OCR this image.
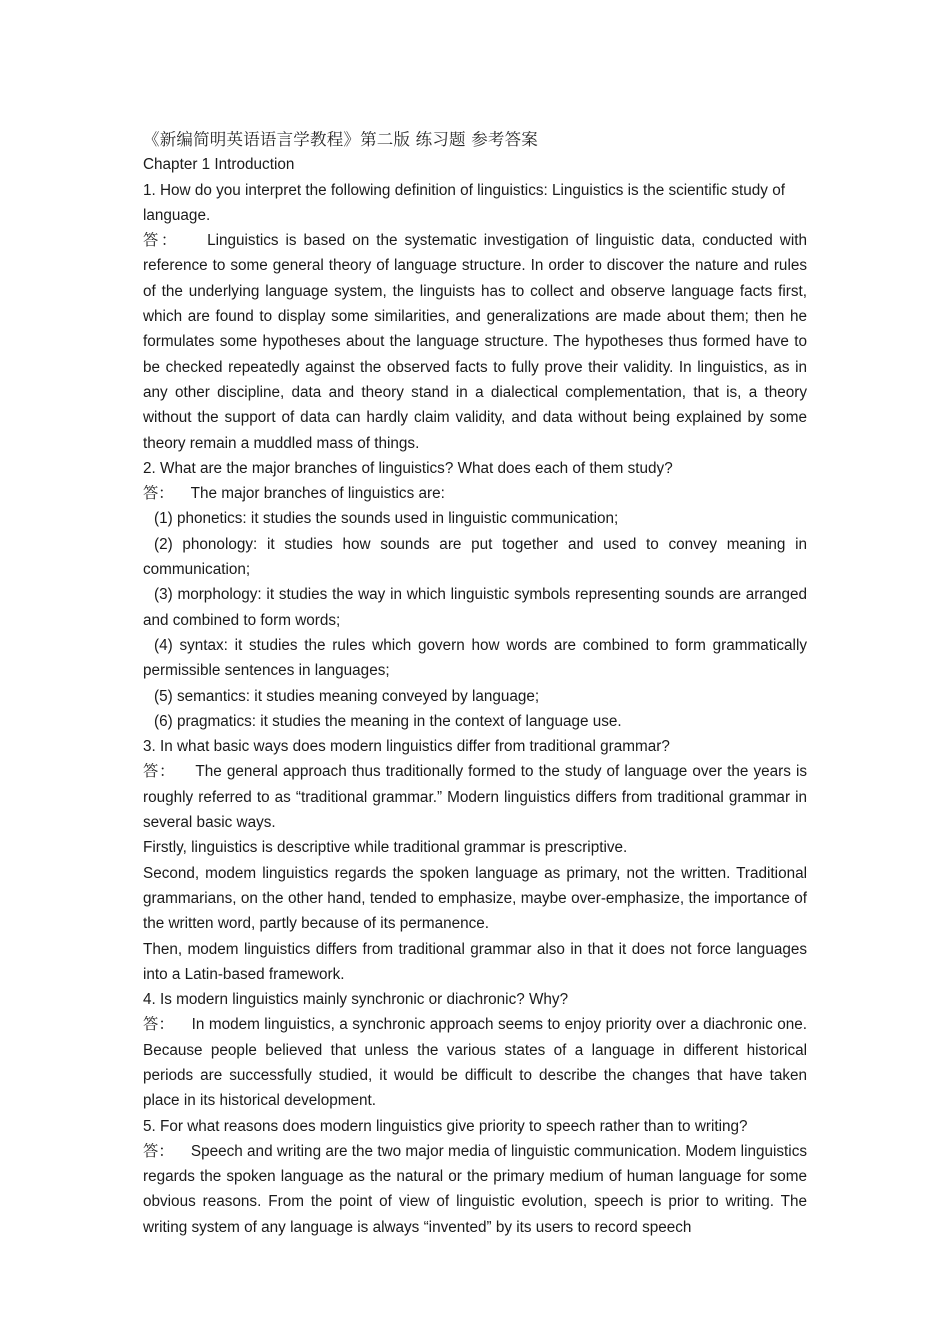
《新编简明英语语言学教程》第二版 练习题 参考答案
Chapter 1 Introduction
1. How do you interpret the following definition of linguistics: Linguistics is the scientific study of language.
答： Linguistics is based on the systematic investigation of linguistic data, conducted with reference to some general theory of language structure. In order to discover the nature and rules of the underlying language system, the linguists has to collect and observe language facts first, which are found to display some similarities, and generalizations are made about them; then he formulates some hypotheses about the language structure. The hypotheses thus formed have to be checked repeatedly against the observed facts to fully prove their validity. In linguistics, as in any other discipline, data and theory stand in a dialectical complementation, that is, a theory without the support of data can hardly claim validity, and data without being explained by some theory remain a muddled mass of things.
2. What are the major branches of linguistics? What does each of them study?
答： The major branches of linguistics are:
(1) phonetics: it studies the sounds used in linguistic communication;
(2) phonology: it studies how sounds are put together and used to convey meaning in communication;
(3) morphology: it studies the way in which linguistic symbols representing sounds are arranged and combined to form words;
(4) syntax: it studies the rules which govern how words are combined to form grammatically permissible sentences in languages;
(5) semantics: it studies meaning conveyed by language;
(6) pragmatics: it studies the meaning in the context of language use.
3. In what basic ways does modern linguistics differ from traditional grammar?
答： The general approach thus traditionally formed to the study of language over the years is roughly referred to as “traditional grammar.” Modern linguistics differs from traditional grammar in several basic ways.
Firstly, linguistics is descriptive while traditional grammar is prescriptive.
Second, modem linguistics regards the spoken language as primary, not the written. Traditional grammarians, on the other hand, tended to emphasize, maybe over-emphasize, the importance of the written word, partly because of its permanence.
Then, modem linguistics differs from traditional grammar also in that it does not force languages into a Latin-based framework.
4. Is modern linguistics mainly synchronic or diachronic? Why?
答： In modem linguistics, a synchronic approach seems to enjoy priority over a diachronic one. Because people believed that unless the various states of a language in different historical periods are successfully studied, it would be difficult to describe the changes that have taken place in its historical development.
5. For what reasons does modern linguistics give priority to speech rather than to writing?
答： Speech and writing are the two major media of linguistic communication. Modem linguistics regards the spoken language as the natural or the primary medium of human language for some obvious reasons. From the point of view of linguistic evolution, speech is prior to writing. The writing system of any language is always “invented” by its users to record speech
